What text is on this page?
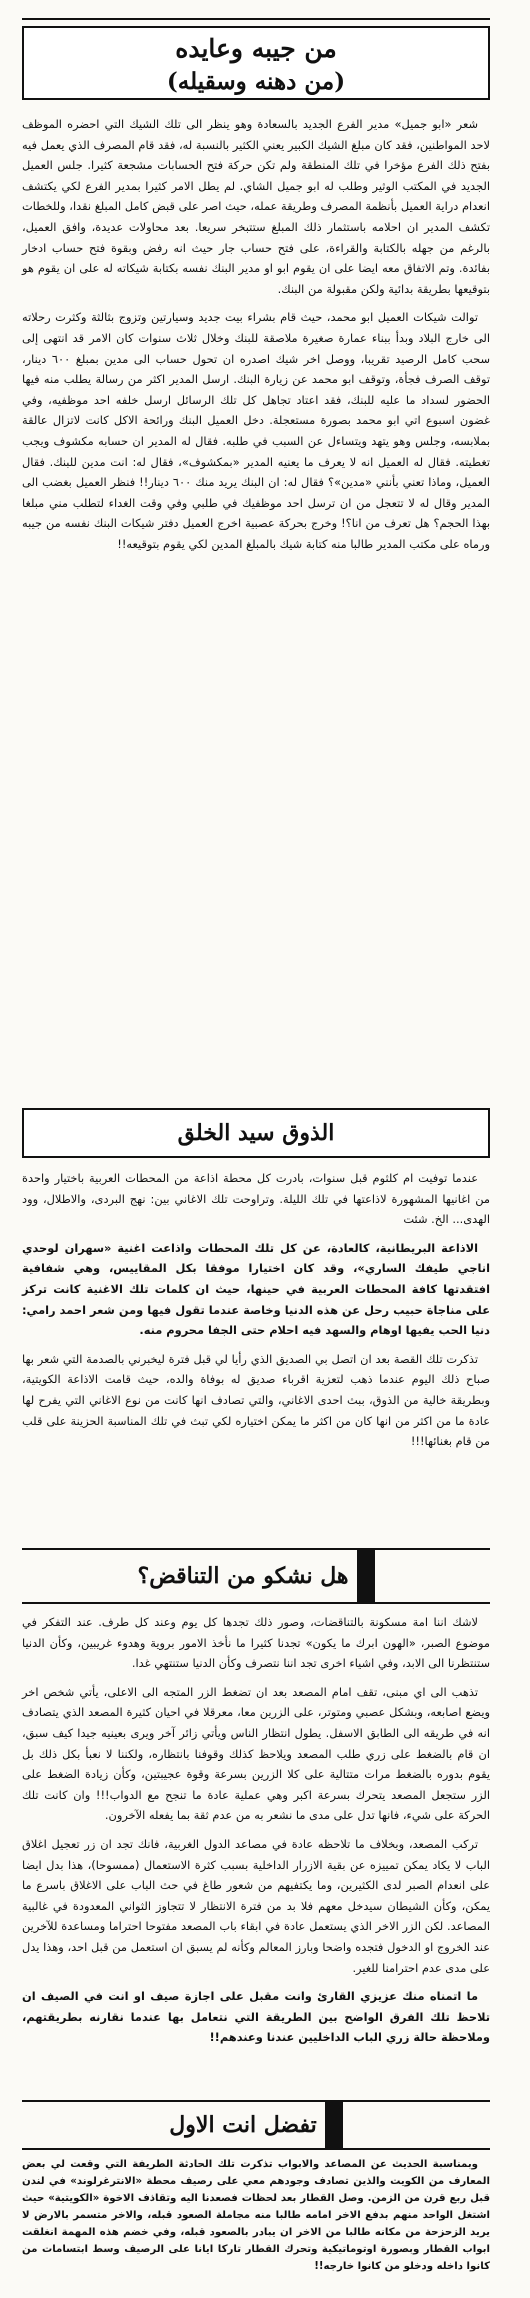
من جيبه وعايده
(من دهنه وسقيله)

شعر «ابو جميل» مدير الفرع الجديد بالسعادة وهو ينظر الى تلك الشيك التي احضره الموظف لاحد المواطنين، فقد كان مبلغ الشيك الكبير يعني الكثير بالنسبة له، فقد قام المصرف الذي يعمل فيه بفتح ذلك الفرع مؤخرا في تلك المنطقة ولم تكن حركة فتح الحسابات مشجعة كثيرا. جلس العميل الجديد في المكتب الوثير وطلب له ابو جميل الشاي. لم يطل الامر كثيرا بمدير الفرع لكي يكتشف انعدام دراية العميل بأنظمة المصرف وطريقة عمله، حيث اصر على قبض كامل المبلغ نقدا، وللخطات تكشف المدير ان احلامه باستثمار ذلك المبلغ ستتبخر سريعا. بعد محاولات عديدة، وافق العميل، بالرغم من جهله بالكتابة والقراءة، على فتح حساب جار حيث انه رفض وبقوة فتح حساب ادخار بفائدة. وتم الاتفاق معه ايضا على ان يقوم ابو او مدير البنك نفسه بكتابة شيكاته له على ان يقوم هو بتوقيعها بطريقة بدائية ولكن مقبولة من البنك.

توالت شيكات العميل ابو محمد، حيث قام بشراء بيت جديد وسيارتين وتزوج بثالثة وكثرت رحلاته الى خارج البلاد وبدأ ببناء عمارة صغيرة ملاصقة للبنك وخلال ثلاث سنوات كان الامر قد انتهى إلى سحب كامل الرصيد تقريبا، ووصل اخر شيك اصدره ان تحول حساب الى مدين بمبلغ ٦٠٠ دينار، توقف الصرف فجأة، وتوقف ابو محمد عن زيارة البنك. ارسل المدير اكثر من رسالة يطلب منه فيها الحضور لسداد ما عليه للبنك، فقد اعتاد تجاهل كل تلك الرسائل ارسل خلفه احد موظفيه، وفي غضون اسبوع اتي ابو محمد بصورة مستعجلة. دخل العميل البنك ورائحة الاكل كانت لاتزال عالقة بملابسه، وجلس وهو يتهد ويتساءل عن السبب في طلبه. فقال له المدير ان حسابه مكشوف ويجب تغطيته. فقال له العميل انه لا يعرف ما يعنيه المدير «بمكشوف»، فقال له: انت مدين للبنك. فقال العميل، وماذا تعني بأنني «مدين»؟ فقال له: ان البنك يريد منك ٦٠٠ دينار!! فنظر العميل بغضب الى المدير وقال له لا تتعجل من ان ترسل احد موظفيك في طلبي وفي وقت الغداء لتطلب مني مبلغا بهذا الحجم؟ هل تعرف من انا؟! وخرج بحركة عصبية اخرج العميل دفتر شيكات البنك نفسه من جيبه ورماه على مكتب المدير طالبا منه كتابة شيك بالمبلغ المدين لكي يقوم بتوقيعه!!

الذوق سيد الخلق

عندما توفيت ام كلثوم قبل سنوات، بادرت كل محطة اذاعة من المحطات العربية باختيار واحدة من اغانيها المشهورة لاذاعتها في تلك الليلة. وتراوحت تلك الاغاني بين: نهج البردى، والاطلال، وود الهدى... الخ. شئت

الاذاعة البريطانية، كالعادة، عن كل تلك المحطات واذاعت اغنية «سهران لوحدي اناجي طيفك الساري»، وقد كان اختيارا موفقا بكل المقاييس، وهي شفافية افتقدتها كافة المحطات العربية في حينها، حيث ان كلمات تلك الاغنية كانت تركز على مناجاة حبيب رحل عن هذه الدنيا وخاصة عندما تقول فيها ومن شعر احمد رامي: دنيا الحب يفيها اوهام والسهد فيه احلام حتى الجفا محروم منه.

تذكرت تلك القصة بعد ان اتصل بي الصديق الذي رأيا لي قبل فترة ليخبرني بالصدمة التي شعر بها صباح ذلك اليوم عندما ذهب لتعزية اقرباء صديق له بوفاة والده، حيث قامت الاذاعة الكويتية، وبطريقة خالية من الذوق، ببث احدى الاغاني، والتي تصادف انها كانت من نوع الاغاني التي يفرح لها عادة ما من اكثر من انها كان من اكثر ما يمكن اختياره لكي تبث في تلك المناسبة الحزينة على قلب من قام بغنائها!!!

هل نشكو من التناقض؟

لاشك اننا امة مسكونة بالتناقضات، وصور ذلك تجدها كل يوم وعند كل طرف. عند التفكر في موضوع الصبر، «الهون ابرك ما يكون» تجدنا كثيرا ما نأخذ الامور بروية وهدوء غريبين، وكأن الدنيا ستنتظرنا الى الابد، وفي اشياء اخرى تجد اننا نتصرف وكأن الدنيا ستنتهي غدا.

تذهب الى اي مبنى، تقف امام المصعد بعد ان تضغط الزر المتجه الى الاعلى، يأتي شخص اخر ويضع اصابعه، وبشكل عصبي ومتوتر، على الزرين معا، معرقلا في احيان كثيرة المصعد الذي يتصادف انه في طريقه الى الطابق الاسفل. يطول انتظار الناس ويأتي زائر آخر ويرى بعينيه جيدا كيف سبق، ان قام بالضغط على زري طلب المصعد ويلاحظ كذلك وقوفنا بانتظاره، ولكننا لا نعبأ بكل ذلك بل يقوم بدوره بالضغط مرات متتالية على كلا الزرين بسرعة وقوة عجيبتين، وكأن زيادة الضغط على الزر ستجعل المصعد يتحرك بسرعة اكبر وهي عملية عادة ما تنجح مع الدواب!!! وان كانت تلك الحركة على شيء، فانها تدل على مدى ما نشعر به من عدم ثقة بما يفعله الآخرون.

تركب المصعد، وبخلاف ما تلاحظه عادة في مصاعد الدول الغربية، فانك تجد ان زر تعجيل اغلاق الباب لا يكاد يمكن تمييزه عن بقية الازرار الداخلية بسبب كثرة الاستعمال (ممسوحا)، هذا بدل ايضا على انعدام الصبر لدى الكثيرين، وما يكتفيهم من شعور طاغ في حث الباب على الاغلاق باسرع ما يمكن، وكأن الشيطان سيدخل معهم فلا بد من فترة الانتظار لا تتجاوز الثواني المعدودة في غالبية المصاعد. لكن الزر الاخر الذي يستعمل عادة في ابقاء باب المصعد مفتوحا احتراما ومساعدة للآخرين عند الخروج او الدخول فتجده واضحا وبارز المعالم وكأنه لم يسبق ان استعمل من قبل احد، وهذا يدل على مدى عدم احترامنا للغير.

ما اتمناه منك عزيزي القارئ وانت مقبل على اجازة صيف او انت في الصيف ان تلاحظ تلك الفرق الواضح بين الطريقة التي نتعامل بها عندما نقارنه بطريقتهم، وملاحظة حالة زري الباب الداخليين عندنا وعندهم!!

تفضل انت الاول

وبمناسبة الحديث عن المصاعد والابواب تذكرت تلك الحادثة الطريفة التي وقعت لي بعض المعارف من الكويت والذين تصادف وجودهم معي على رصيف محطة «الانترغرلوند» في لندن قبل ربع قرن من الزمن. وصل القطار بعد لحظات فصعدنا اليه وتقاذف الاخوة «الكويتية» حيث اشتغل الواحد منهم بدفع الاخر امامه طالبا منه مجاملة الصعود قبله، والاخر متسمر بالارض لا يريد الزحزحة من مكانه طالبا من الاخر ان يبادر بالصعود قبله، وفي خضم هذه المهمة انغلقت ابواب القطار وبصورة اوتوماتيكية وتحرك القطار تاركا ايانا على الرصيف وسط ابتسامات من كانوا داخله ودخلو من كانوا خارجه!!
